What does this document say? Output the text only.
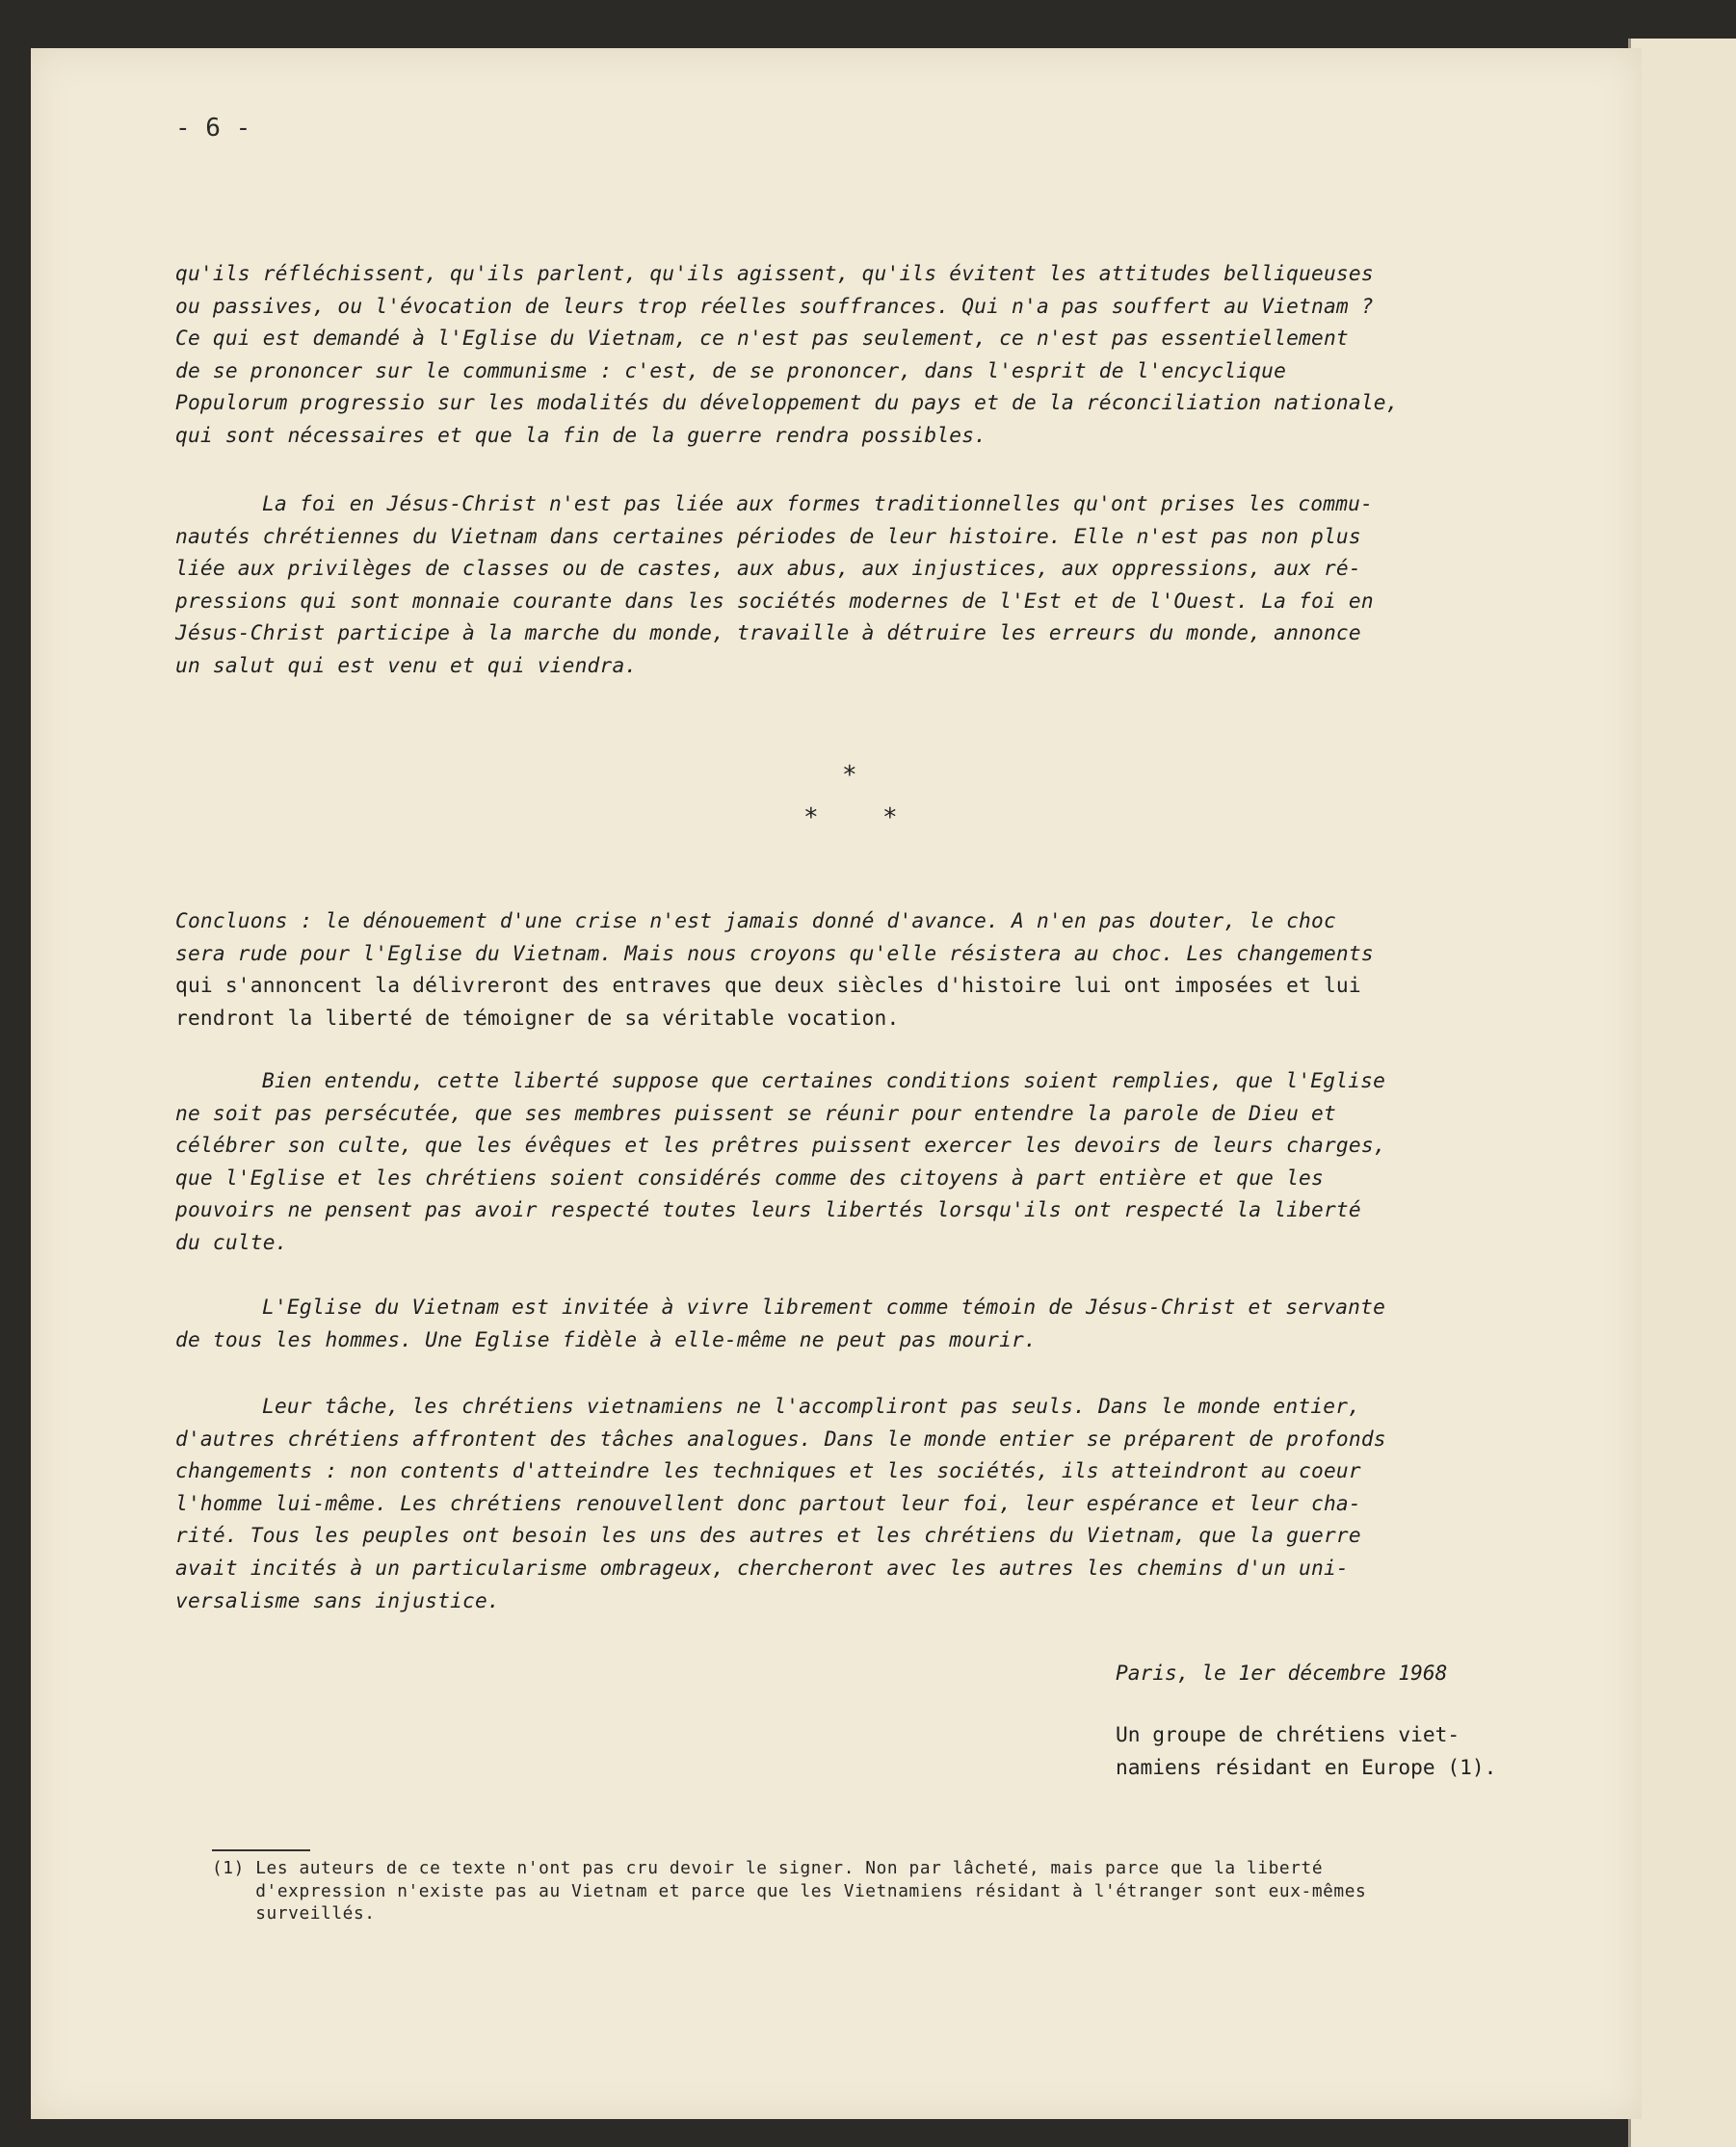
- 6 -
qu'ils réfléchissent, qu'ils parlent, qu'ils agissent, qu'ils évitent les attitudes belliqueuses
ou passives, ou l'évocation de leurs trop réelles souffrances. Qui n'a pas souffert au Vietnam ?
Ce qui est demandé à l'Eglise du Vietnam, ce n'est pas seulement, ce n'est pas essentiellement
de se prononcer sur le communisme : c'est, de se prononcer, dans l'esprit de l'encyclique
Populorum progressio sur les modalités du développement du pays et de la réconciliation nationale,
qui sont nécessaires et que la fin de la guerre rendra possibles.
La foi en Jésus-Christ n'est pas liée aux formes traditionnelles qu'ont prises les commu-
nautés chrétiennes du Vietnam dans certaines périodes de leur histoire. Elle n'est pas non plus
liée aux privilèges de classes ou de castes, aux abus, aux injustices, aux oppressions, aux ré-
pressions qui sont monnaie courante dans les sociétés modernes de l'Est et de l'Ouest. La foi en
Jésus-Christ participe à la marche du monde, travaille à détruire les erreurs du monde, annonce
un salut qui est venu et qui viendra.
*
*	*
Concluons : le dénouement d'une crise n'est jamais donné d'avance. A n'en pas douter, le choc
sera rude pour l'Eglise du Vietnam. Mais nous croyons qu'elle résistera au choc. Les changements
qui s'annoncent la délivreront des entraves que deux siècles d'histoire lui ont imposées et lui
rendront la liberté de témoigner de sa véritable vocation.
Bien entendu, cette liberté suppose que certaines conditions soient remplies, que l'Eglise
ne soit pas persécutée, que ses membres puissent se réunir pour entendre la parole de Dieu et
célébrer son culte, que les évêques et les prêtres puissent exercer les devoirs de leurs charges,
que l'Eglise et les chrétiens soient considérés comme des citoyens à part entière et que les
pouvoirs ne pensent pas avoir respecté toutes leurs libertés lorsqu'ils ont respecté la liberté
du culte.
L'Eglise du Vietnam est invitée à vivre librement comme témoin de Jésus-Christ et servante
de tous les hommes. Une Eglise fidèle à elle-même ne peut pas mourir.
Leur tâche, les chrétiens vietnamiens ne l'accompliront pas seuls. Dans le monde entier,
d'autres chrétiens affrontent des tâches analogues. Dans le monde entier se préparent de profonds
changements : non contents d'atteindre les techniques et les sociétés, ils atteindront au coeur
l'homme lui-même. Les chrétiens renouvellent donc partout leur foi, leur espérance et leur cha-
rité. Tous les peuples ont besoin les uns des autres et les chrétiens du Vietnam, que la guerre
avait incités à un particularisme ombrageux, chercheront avec les autres les chemins d'un uni-
versalisme sans injustice.
Paris, le 1er décembre 1968
Un groupe de chrétiens viet-
namiens résidant en Europe (1).
(1) Les auteurs de ce texte n'ont pas cru devoir le signer. Non par lâcheté, mais parce que la liberté
d'expression n'existe pas au Vietnam et parce que les Vietnamiens résidant à l'étranger sont eux-mêmes
surveillés.
